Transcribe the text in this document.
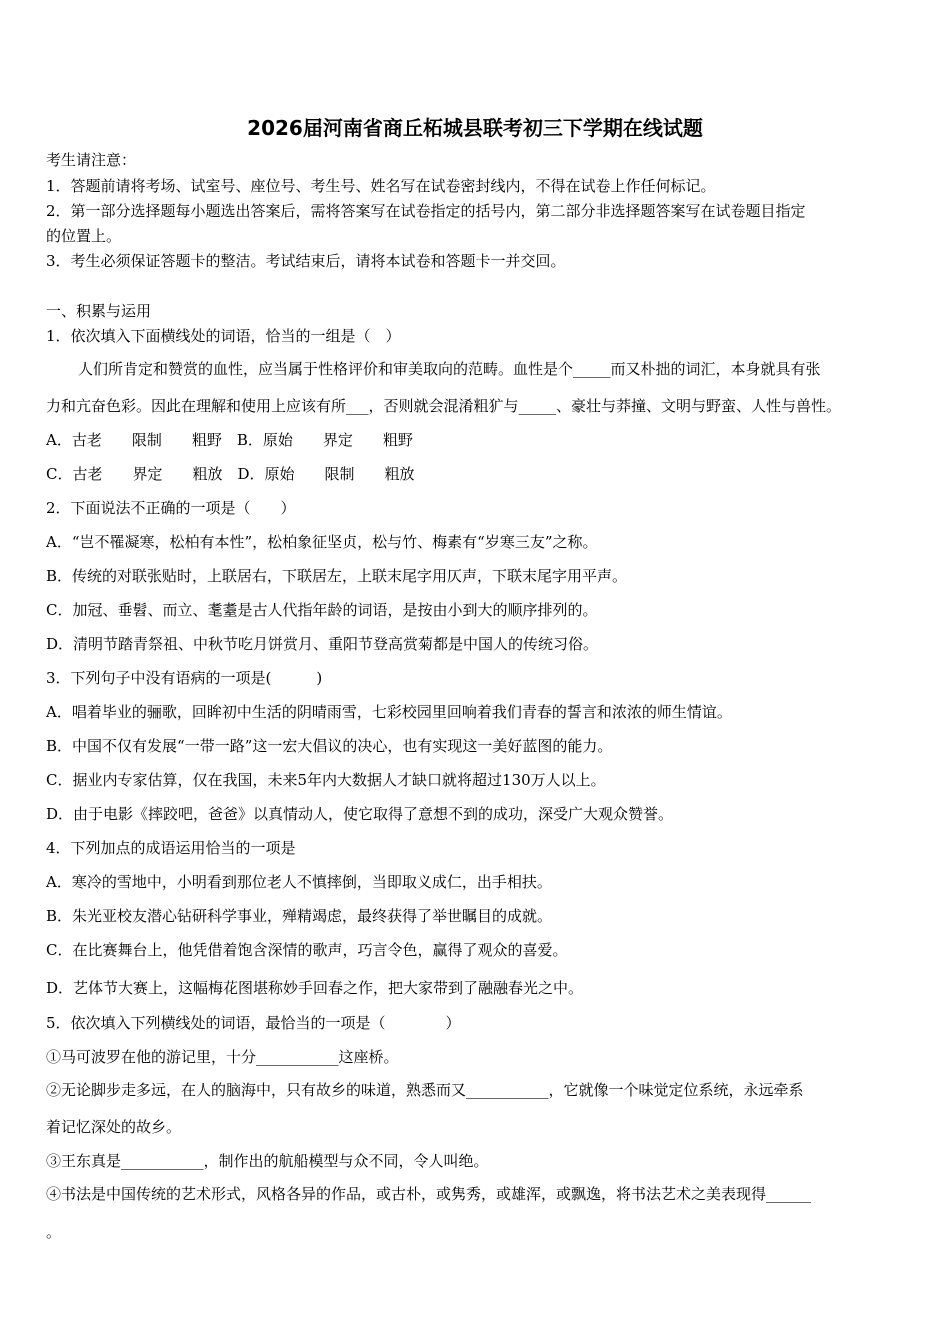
2026届河南省商丘柘城县联考初三下学期在线试题
考生请注意：
1．答题前请将考场、试室号、座位号、考生号、姓名写在试卷密封线内，不得在试卷上作任何标记。
2．第一部分选择题每小题选出答案后，需将答案写在试卷指定的括号内，第二部分非选择题答案写在试卷题目指定
的位置上。
3．考生必须保证答题卡的整洁。考试结束后，请将本试卷和答题卡一并交回。
一、积累与运用
1．依次填入下面横线处的词语，恰当的一组是（　）
人们所肯定和赞赏的血性，应当属于性格评价和审美取向的范畴。血性是个_____而又朴拙的词汇，本身就具有张
力和亢奋色彩。因此在理解和使用上应该有所___，否则就会混淆粗犷与_____、豪壮与莽撞、文明与野蛮、人性与兽性。
A．古老　　限制　　粗野　B．原始　　界定　　粗野
C．古老　　界定　　粗放　D．原始　　限制　　粗放
2．下面说法不正确的一项是（　　）
A．“岂不罹凝寒，松柏有本性”，松柏象征坚贞，松与竹、梅素有“岁寒三友”之称。
B．传统的对联张贴时，上联居右，下联居左，上联末尾字用仄声，下联末尾字用平声。
C．加冠、垂髫、而立、耄耋是古人代指年龄的词语，是按由小到大的顺序排列的。
D．清明节踏青祭祖、中秋节吃月饼赏月、重阳节登高赏菊都是中国人的传统习俗。
3．下列句子中没有语病的一项是(　　　)
A．唱着毕业的骊歌，回眸初中生活的阴晴雨雪，七彩校园里回响着我们青春的誓言和浓浓的师生情谊。
B．中国不仅有发展“一带一路”这一宏大倡议的决心，也有实现这一美好蓝图的能力。
C．据业内专家估算，仅在我国，未来5年内大数据人才缺口就将超过130万人以上。
D．由于电影《摔跤吧，爸爸》以真情动人，使它取得了意想不到的成功，深受广大观众赞誉。
4．下列加点的成语运用恰当的一项是
A．寒冷的雪地中，小明看到那位老人不慎摔倒，当即取义成仁，出手相扶。
B．朱光亚校友潜心钻研科学事业，殚精竭虑，最终获得了举世瞩目的成就。
C．在比赛舞台上，他凭借着饱含深情的歌声，巧言令色，赢得了观众的喜爱。
D．艺体节大赛上，这幅梅花图堪称妙手回春之作，把大家带到了融融春光之中。
5．依次填入下列横线处的词语，最恰当的一项是（　　　　）
①马可波罗在他的游记里，十分___________这座桥。
②无论脚步走多远，在人的脑海中，只有故乡的味道，熟悉而又___________，它就像一个味觉定位系统，永远牵系
着记忆深处的故乡。
③王东真是___________，制作出的航船模型与众不同，令人叫绝。
④书法是中国传统的艺术形式，风格各异的作品，或古朴，或隽秀，或雄浑，或飘逸，将书法艺术之美表现得______
。
